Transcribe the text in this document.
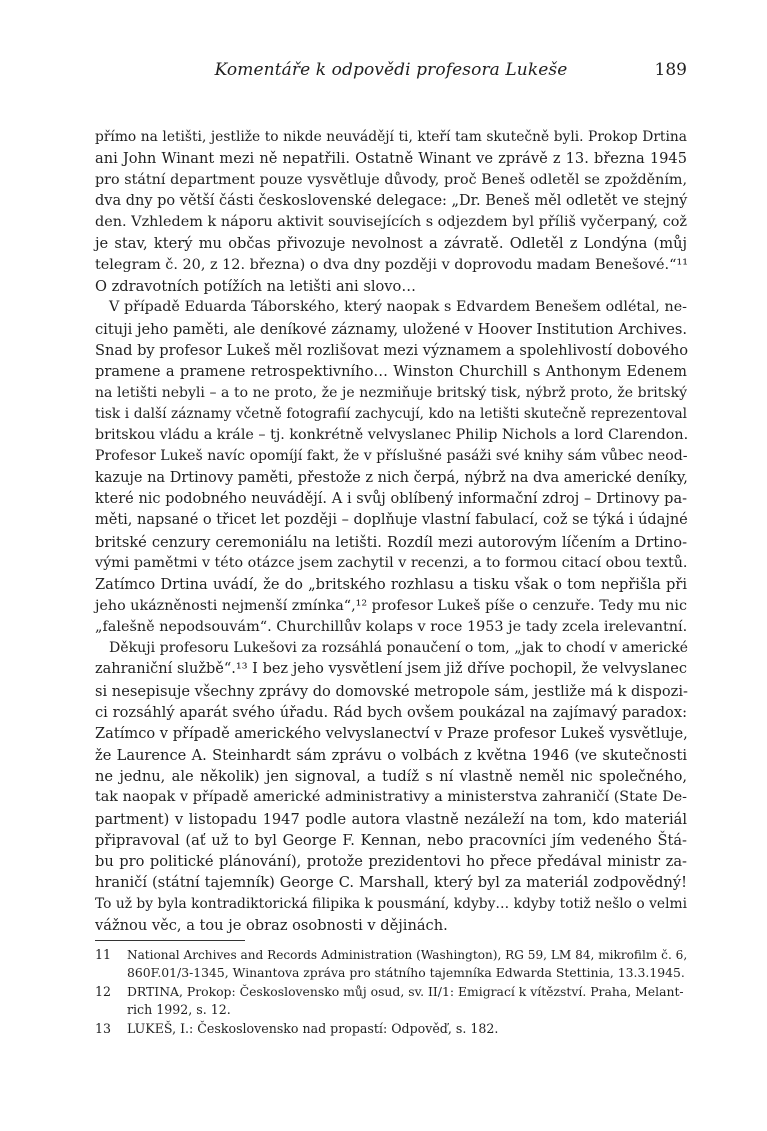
Komentáře k odpovědi profesora Lukeše	189
přímo na letišti, jestliže to nikde neuvádějí ti, kteří tam skutečně byli. Prokop Drtina
ani John Winant mezi ně nepatřili. Ostatně Winant ve zprávě z 13. března 1945
pro státní department pouze vysvětluje důvody, proč Beneš odletěl se zpožděním,
dva dny po větší části československé delegace: „Dr. Beneš měl odletět ve stejný
den. Vzhledem k náporu aktivit souvisejících s odjezdem byl příliš vyčerpaný, což
je stav, který mu občas přivozuje nevolnost a závratě. Odletěl z Londýna (můj
telegram č. 20, z 12. března) o dva dny později v doprovodu madam Benešové.“¹¹
O zdravotních potížích na letišti ani slovo…
V případě Eduarda Táborského, který naopak s Edvardem Benešem odlétal, ne-
cituji jeho paměti, ale deníkové záznamy, uložené v Hoover Institution Archives.
Snad by profesor Lukeš měl rozlišovat mezi významem a spolehlivostí dobového
pramene a pramene retrospektivního… Winston Churchill s Anthonym Edenem
na letišti nebyli – a to ne proto, že je nezmiňuje britský tisk, nýbrž proto, že britský
tisk i další záznamy včetně fotografií zachycují, kdo na letišti skutečně reprezentoval
britskou vládu a krále – tj. konkrétně velvyslanec Philip Nichols a lord Clarendon.
Profesor Lukeš navíc opomíjí fakt, že v příslušné pasáži své knihy sám vůbec neod-
kazuje na Drtinovy paměti, přestože z nich čerpá, nýbrž na dva americké deníky,
které nic podobného neuvádějí. A i svůj oblíbený informační zdroj – Drtinovy pa-
měti, napsané o třicet let později – doplňuje vlastní fabulací, což se týká i údajné
britské cenzury ceremoniálu na letišti. Rozdíl mezi autorovým líčením a Drtino-
vými pamětmi v této otázce jsem zachytil v recenzi, a to formou citací obou textů.
Zatímco Drtina uvádí, že do „britského rozhlasu a tisku však o tom nepřišla při
jeho ukázněnosti nejmenší zmínka“,¹² profesor Lukeš píše o cenzuře. Tedy mu nic
„falešně nepodsouvám“. Churchillův kolaps v roce 1953 je tady zcela irelevantní.
Děkuji profesoru Lukešovi za rozsáhlá ponaučení o tom, „jak to chodí v americké
zahraniční službě“.¹³ I bez jeho vysvětlení jsem již dříve pochopil, že velvyslanec
si nesepisuje všechny zprávy do domovské metropole sám, jestliže má k dispozi-
ci rozsáhlý aparát svého úřadu. Rád bych ovšem poukázal na zajímavý paradox:
Zatímco v případě amerického velvyslanectví v Praze profesor Lukeš vysvětluje,
že Laurence A. Steinhardt sám zprávu o volbách z května 1946 (ve skutečnosti
ne jednu, ale několik) jen signoval, a tudíž s ní vlastně neměl nic společného,
tak naopak v případě americké administrativy a ministerstva zahraničí (State De-
partment) v listopadu 1947 podle autora vlastně nezáleží na tom, kdo materiál
připravoval (ať už to byl George F. Kennan, nebo pracovníci jím vedeného Štá-
bu pro politické plánování), protože prezidentovi ho přece předával ministr za-
hraničí (státní tajemník) George C. Marshall, který byl za materiál zodpovědný!
To už by byla kontradiktorická filipika k pousmání, kdyby… kdyby totiž nešlo o velmi
vážnou věc, a tou je obraz osobnosti v dějinách.
11 National Archives and Records Administration (Washington), RG 59, LM 84, mikrofilm č. 6,
860F.01/3-1345, Winantova zpráva pro státního tajemníka Edwarda Stettinia, 13.3.1945.
12 DRTINA, Prokop: Československo můj osud, sv. II/1: Emigrací k vítězství. Praha, Melant-
rich 1992, s. 12.
13 LUKEŠ, I.: Československo nad propastí: Odpověď, s. 182.
